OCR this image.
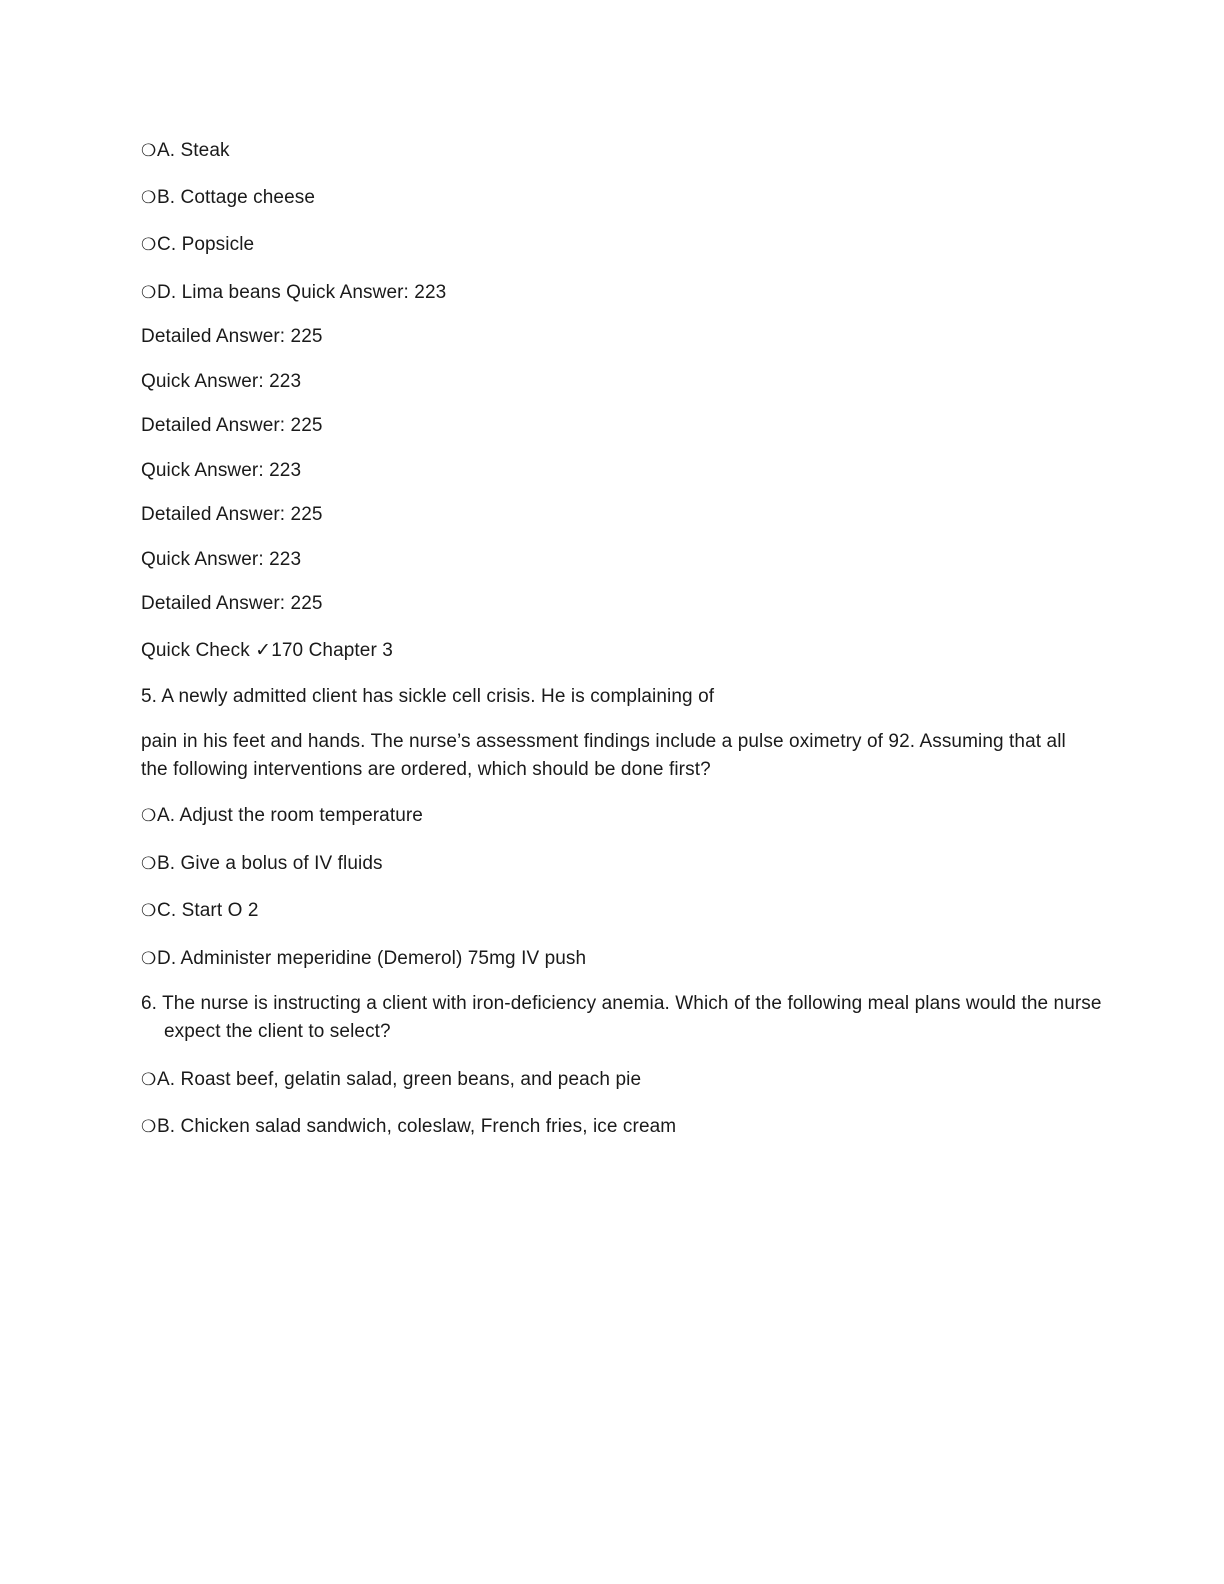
❍A. Steak
❍B. Cottage cheese
❍C. Popsicle
❍D. Lima beans Quick Answer: 223
Detailed Answer: 225
Quick Answer: 223
Detailed Answer: 225
Quick Answer: 223
Detailed Answer: 225
Quick Answer: 223
Detailed Answer: 225
Quick Check ✓170 Chapter 3
5. A newly admitted client has sickle cell crisis. He is complaining of
pain in his feet and hands. The nurse’s assessment findings include a pulse oximetry of 92. Assuming that all the following interventions are ordered, which should be done first?
❍A. Adjust the room temperature
❍B. Give a bolus of IV fluids
❍C. Start O 2
❍D. Administer meperidine (Demerol) 75mg IV push
6. The nurse is instructing a client with iron-deficiency anemia. Which of the following meal plans would the nurse expect the client to select?
❍A. Roast beef, gelatin salad, green beans, and peach pie
❍B. Chicken salad sandwich, coleslaw, French fries, ice cream
